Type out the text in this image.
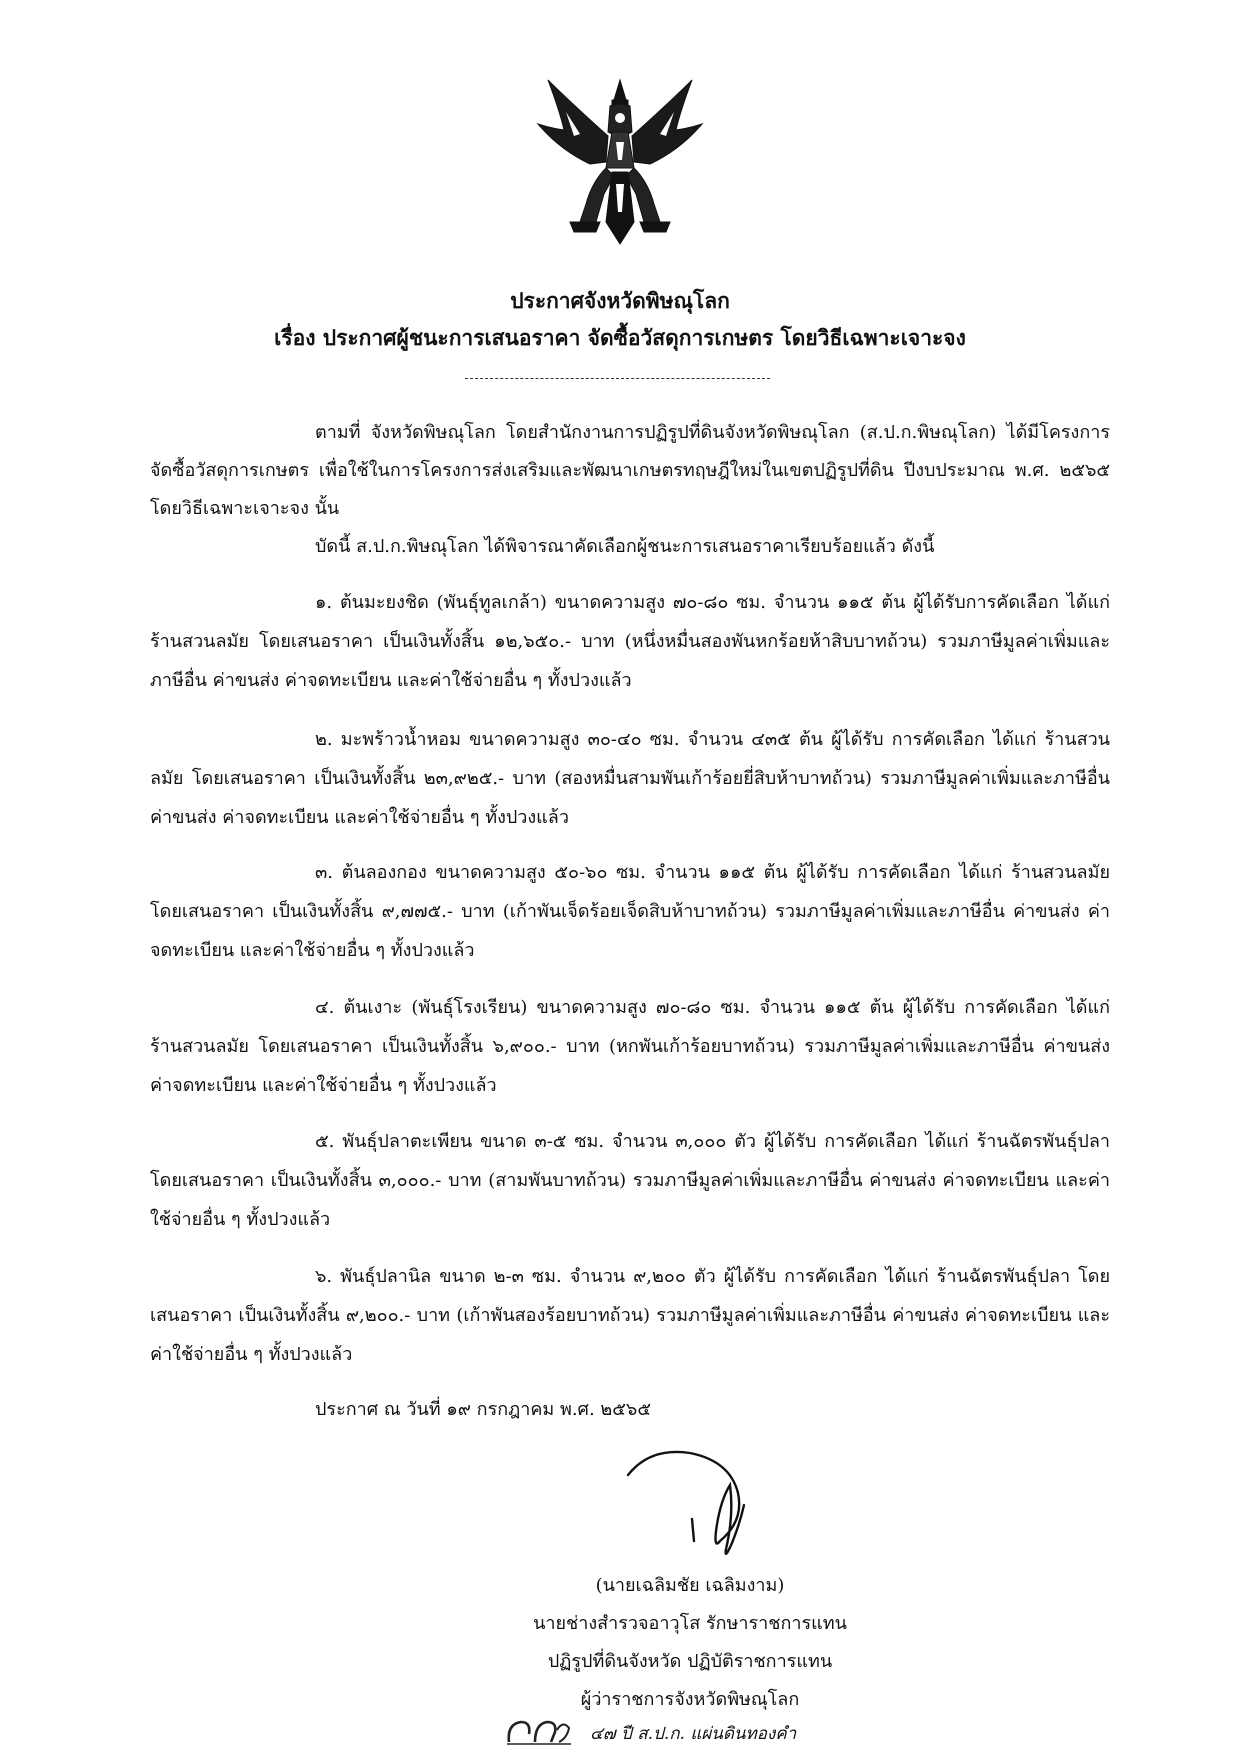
ประกาศจังหวัดพิษณุโลก
เรื่อง ประกาศผู้ชนะการเสนอราคา จัดซื้อวัสดุการเกษตร โดยวิธีเฉพาะเจาะจง

ตามที่ จังหวัดพิษณุโลก โดยสำนักงานการปฏิรูปที่ดินจังหวัดพิษณุโลก (ส.ป.ก.พิษณุโลก) ได้มีโครงการจัดซื้อวัสดุการเกษตร เพื่อใช้ในการโครงการส่งเสริมและพัฒนาเกษตรทฤษฎีใหม่ในเขตปฏิรูปที่ดิน ปีงบประมาณ พ.ศ. ๒๕๖๕ โดยวิธีเฉพาะเจาะจง นั้น

บัดนี้ ส.ป.ก.พิษณุโลก ได้พิจารณาคัดเลือกผู้ชนะการเสนอราคาเรียบร้อยแล้ว ดังนี้

๑. ต้นมะยงชิด (พันธุ์ทูลเกล้า) ขนาดความสูง ๗๐-๘๐ ซม. จำนวน ๑๑๕ ต้น ผู้ได้รับการคัดเลือก ได้แก่ ร้านสวนลมัย โดยเสนอราคา เป็นเงินทั้งสิ้น ๑๒,๖๕๐.- บาท (หนึ่งหมื่นสองพันหกร้อยห้าสิบบาทถ้วน) รวมภาษีมูลค่าเพิ่มและภาษีอื่น ค่าขนส่ง ค่าจดทะเบียน และค่าใช้จ่ายอื่น ๆ ทั้งปวงแล้ว

๒. มะพร้าวน้ำหอม ขนาดความสูง ๓๐-๔๐ ซม. จำนวน ๔๓๕ ต้น ผู้ได้รับ การคัดเลือก ได้แก่ ร้านสวนลมัย โดยเสนอราคา เป็นเงินทั้งสิ้น ๒๓,๙๒๕.- บาท (สองหมื่นสามพันเก้าร้อยยี่สิบห้าบาทถ้วน) รวมภาษีมูลค่าเพิ่มและภาษีอื่น ค่าขนส่ง ค่าจดทะเบียน และค่าใช้จ่ายอื่น ๆ ทั้งปวงแล้ว

๓. ต้นลองกอง ขนาดความสูง ๕๐-๖๐ ซม. จำนวน ๑๑๕ ต้น ผู้ได้รับ การคัดเลือก ได้แก่ ร้านสวนลมัย โดยเสนอราคา เป็นเงินทั้งสิ้น ๙,๗๗๕.- บาท (เก้าพันเจ็ดร้อยเจ็ดสิบห้าบาทถ้วน) รวมภาษีมูลค่าเพิ่มและภาษีอื่น ค่าขนส่ง ค่าจดทะเบียน และค่าใช้จ่ายอื่น ๆ ทั้งปวงแล้ว

๔. ต้นเงาะ (พันธุ์โรงเรียน) ขนาดความสูง ๗๐-๘๐ ซม. จำนวน ๑๑๕ ต้น ผู้ได้รับ การคัดเลือก ได้แก่ ร้านสวนลมัย โดยเสนอราคา เป็นเงินทั้งสิ้น ๖,๙๐๐.- บาท (หกพันเก้าร้อยบาทถ้วน) รวมภาษีมูลค่าเพิ่มและภาษีอื่น ค่าขนส่ง ค่าจดทะเบียน และค่าใช้จ่ายอื่น ๆ ทั้งปวงแล้ว

๕. พันธุ์ปลาตะเพียน ขนาด ๓-๕ ซม. จำนวน ๓,๐๐๐ ตัว ผู้ได้รับ การคัดเลือก ได้แก่ ร้านฉัตรพันธุ์ปลา โดยเสนอราคา เป็นเงินทั้งสิ้น ๓,๐๐๐.- บาท (สามพันบาทถ้วน) รวมภาษีมูลค่าเพิ่มและภาษีอื่น ค่าขนส่ง ค่าจดทะเบียน และค่าใช้จ่ายอื่น ๆ ทั้งปวงแล้ว

๖. พันธุ์ปลานิล ขนาด ๒-๓ ซม. จำนวน ๙,๒๐๐ ตัว ผู้ได้รับ การคัดเลือก ได้แก่ ร้านฉัตรพันธุ์ปลา โดยเสนอราคา เป็นเงินทั้งสิ้น ๙,๒๐๐.- บาท (เก้าพันสองร้อยบาทถ้วน) รวมภาษีมูลค่าเพิ่มและภาษีอื่น ค่าขนส่ง ค่าจดทะเบียน และค่าใช้จ่ายอื่น ๆ ทั้งปวงแล้ว

ประกาศ ณ วันที่ ๑๙ กรกฎาคม พ.ศ. ๒๕๖๕
(นายเฉลิมชัย เฉลิมงาม)
นายช่างสำรวจอาวุโส รักษาราชการแทน
ปฏิรูปที่ดินจังหวัด ปฏิบัติราชการแทน
ผู้ว่าราชการจังหวัดพิษณุโลก
๔๗ ปี ส.ป.ก. แผ่นดินทองคำ
